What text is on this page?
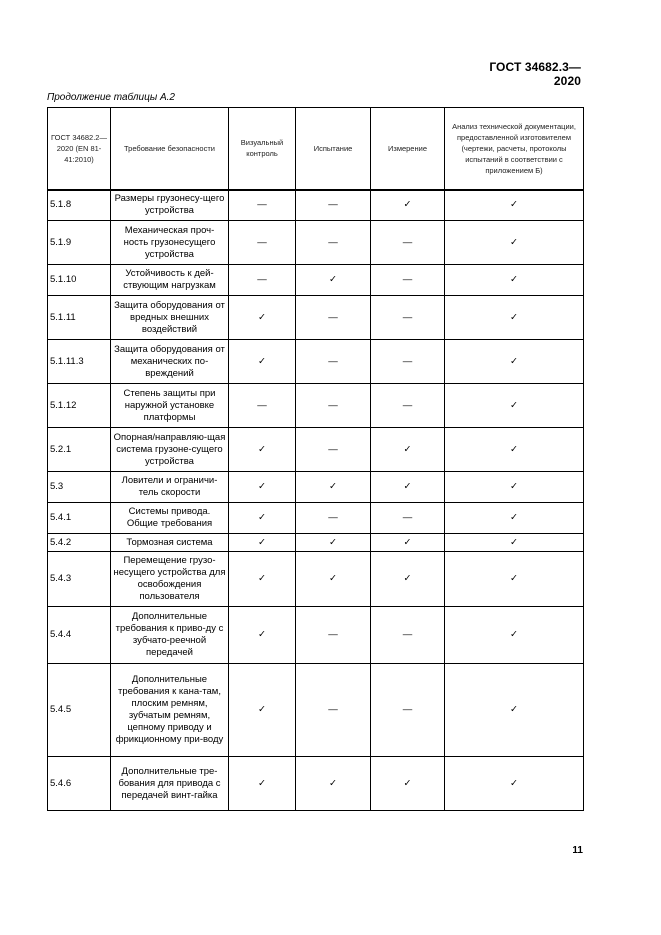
ГОСТ 34682.3—2020
Продолжение таблицы А.2
ГОСТ 34682.2—2020 (EN 81-41:2010)	Требование безопасности	Визуальный контроль	Испытание	Измерение	Анализ технической документации, предоставленной изготовителем (чертежи, расчеты, протоколы испытаний в соответствии с приложением Б)
5.1.8	Размеры грузонесу-щего устройства	—	—	✓	✓
5.1.9	Механическая проч-ность грузонесущего устройства	—	—	—	✓
5.1.10	Устойчивость к дей-ствующим нагрузкам	—	✓	—	✓
5.1.11	Защита оборудования от вредных внешних воздействий	✓	—	—	✓
5.1.11.3	Защита оборудования от механических по-вреждений	✓	—	—	✓
5.1.12	Степень защиты при наружной установке платформы	—	—	—	✓
5.2.1	Опорная/направляю-щая система грузоне-сущего устройства	✓	—	✓	✓
5.3	Ловители и ограничи-тель скорости	✓	✓	✓	✓
5.4.1	Системы привода. Общие требования	✓	—	—	✓
5.4.2	Тормозная система	✓	✓	✓	✓
5.4.3	Перемещение грузо-несущего устройства для освобождения пользователя	✓	✓	✓	✓
5.4.4	Дополнительные требования к приво-ду с зубчато-реечной передачей	✓	—	—	✓
5.4.5	Дополнительные требования к кана-там, плоским ремням, зубчатым ремням, цепному приводу и фрикционному при-воду	✓	—	—	✓
5.4.6	Дополнительные тре-бования для привода с передачей винт-гайка	✓	✓	✓	✓
11
